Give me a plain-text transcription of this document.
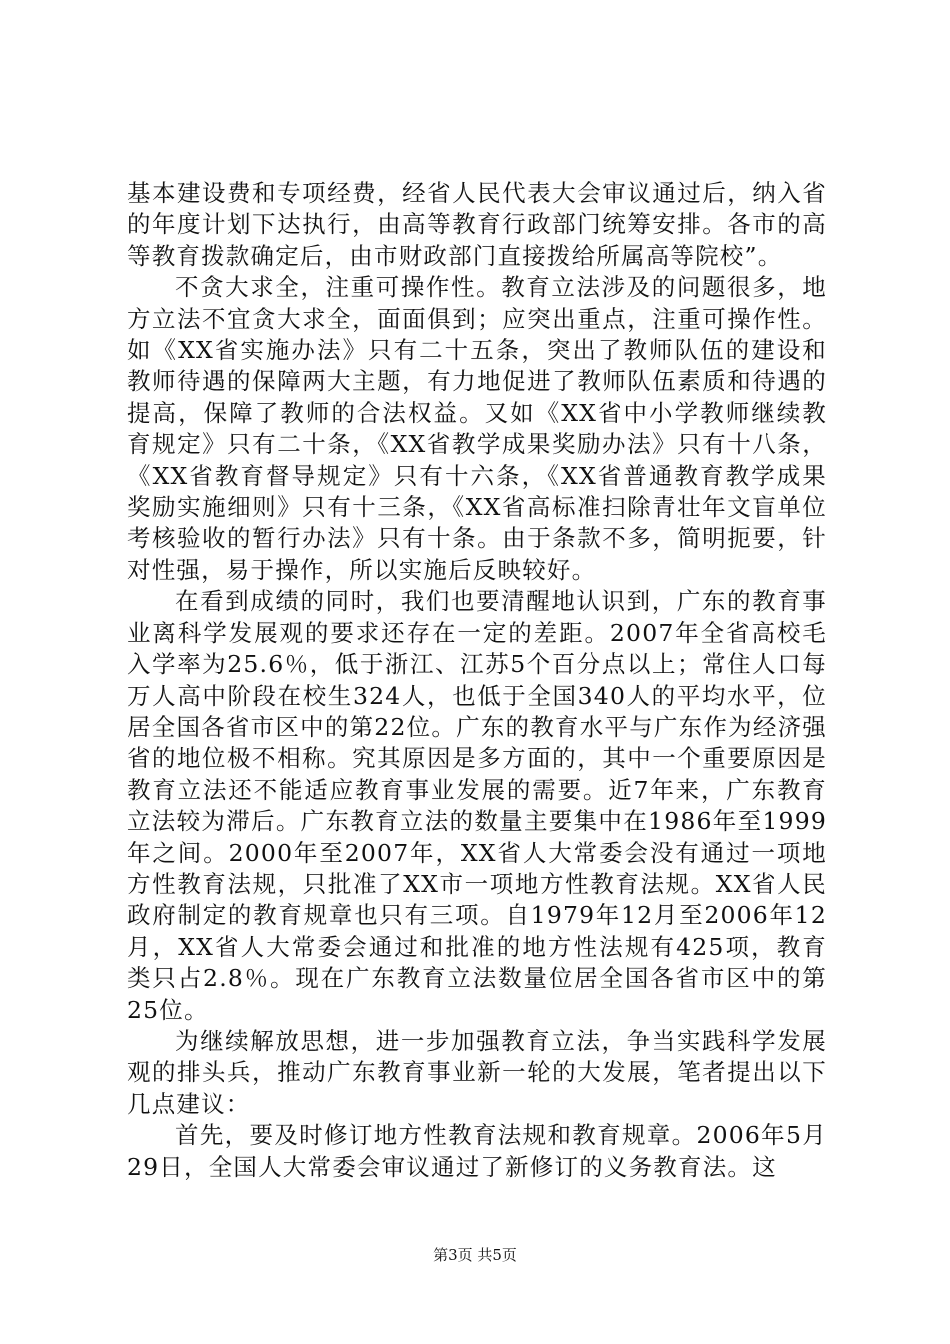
基本建设费和专项经费，经省人民代表大会审议通过后，纳入省的年度计划下达执行，由高等教育行政部门统筹安排。各市的高等教育拨款确定后，由市财政部门直接拨给所属高等院校”。

不贪大求全，注重可操作性。教育立法涉及的问题很多，地方立法不宜贪大求全，面面俱到；应突出重点，注重可操作性。如《XX省实施办法》只有二十五条，突出了教师队伍的建设和教师待遇的保障两大主题，有力地促进了教师队伍素质和待遇的提高，保障了教师的合法权益。又如《XX省中小学教师继续教育规定》只有二十条，《XX省教学成果奖励办法》只有十八条，《XX省教育督导规定》只有十六条，《XX省普通教育教学成果奖励实施细则》只有十三条，《XX省高标准扫除青壮年文盲单位考核验收的暂行办法》只有十条。由于条款不多，简明扼要，针对性强，易于操作，所以实施后反映较好。

在看到成绩的同时，我们也要清醒地认识到，广东的教育事业离科学发展观的要求还存在一定的差距。2007年全省高校毛入学率为25.6％，低于浙江、江苏5个百分点以上；常住人口每万人高中阶段在校生324人，也低于全国340人的平均水平，位居全国各省市区中的第22位。广东的教育水平与广东作为经济强省的地位极不相称。究其原因是多方面的，其中一个重要原因是教育立法还不能适应教育事业发展的需要。近7年来，广东教育立法较为滞后。广东教育立法的数量主要集中在1986年至1999年之间。2000年至2007年，XX省人大常委会没有通过一项地方性教育法规，只批准了XX市一项地方性教育法规。XX省人民政府制定的教育规章也只有三项。自1979年12月至2006年12月，XX省人大常委会通过和批准的地方性法规有425项，教育类只占2.8％。现在广东教育立法数量位居全国各省市区中的第25位。

为继续解放思想，进一步加强教育立法，争当实践科学发展观的排头兵，推动广东教育事业新一轮的大发展，笔者提出以下几点建议：

首先，要及时修订地方性教育法规和教育规章。2006年5月29日，全国人大常委会审议通过了新修订的义务教育法。这

第3页 共5页
